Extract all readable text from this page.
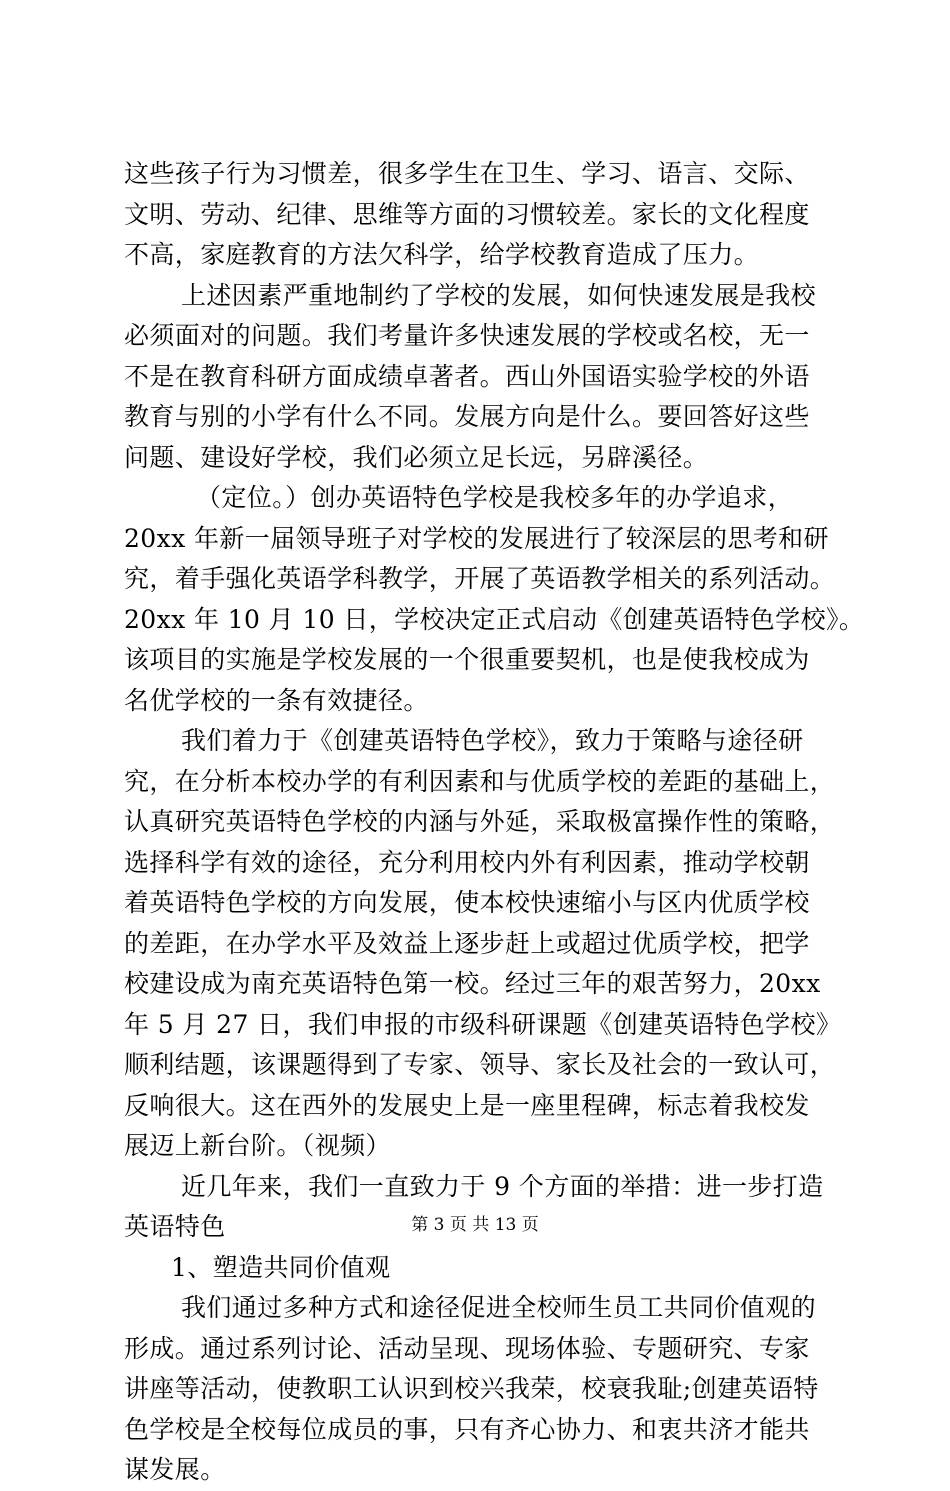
这些孩子行为习惯差，很多学生在卫生、学习、语言、交际、
文明、劳动、纪律、思维等方面的习惯较差。家长的文化程度
不高，家庭教育的方法欠科学，给学校教育造成了压力。
上述因素严重地制约了学校的发展，如何快速发展是我校
必须面对的问题。我们考量许多快速发展的学校或名校，无一
不是在教育科研方面成绩卓著者。西山外国语实验学校的外语
教育与别的小学有什么不同。发展方向是什么。要回答好这些
问题、建设好学校，我们必须立足长远，另辟溪径。
（定位。）创办英语特色学校是我校多年的办学追求，
20xx 年新一届领导班子对学校的发展进行了较深层的思考和研
究，着手强化英语学科教学，开展了英语教学相关的系列活动。
20xx 年 10 月 10 日，学校决定正式启动《创建英语特色学校》。
该项目的实施是学校发展的一个很重要契机，也是使我校成为
名优学校的一条有效捷径。
我们着力于《创建英语特色学校》，致力于策略与途径研
究，在分析本校办学的有利因素和与优质学校的差距的基础上，
认真研究英语特色学校的内涵与外延，采取极富操作性的策略，
选择科学有效的途径，充分利用校内外有利因素，推动学校朝
着英语特色学校的方向发展，使本校快速缩小与区内优质学校
的差距，在办学水平及效益上逐步赶上或超过优质学校，把学
校建设成为南充英语特色第一校。经过三年的艰苦努力，20xx
年 5 月 27 日，我们申报的市级科研课题《创建英语特色学校》
顺利结题，该课题得到了专家、领导、家长及社会的一致认可，
反响很大。这在西外的发展史上是一座里程碑，标志着我校发
展迈上新台阶。（视频）
近几年来，我们一直致力于 9 个方面的举措：进一步打造
英语特色
1、塑造共同价值观
我们通过多种方式和途径促进全校师生员工共同价值观的
形成。通过系列讨论、活动呈现、现场体验、专题研究、专家
讲座等活动，使教职工认识到校兴我荣，校衰我耻;创建英语特
色学校是全校每位成员的事，只有齐心协力、和衷共济才能共
谋发展。
第 3 页 共 13 页
